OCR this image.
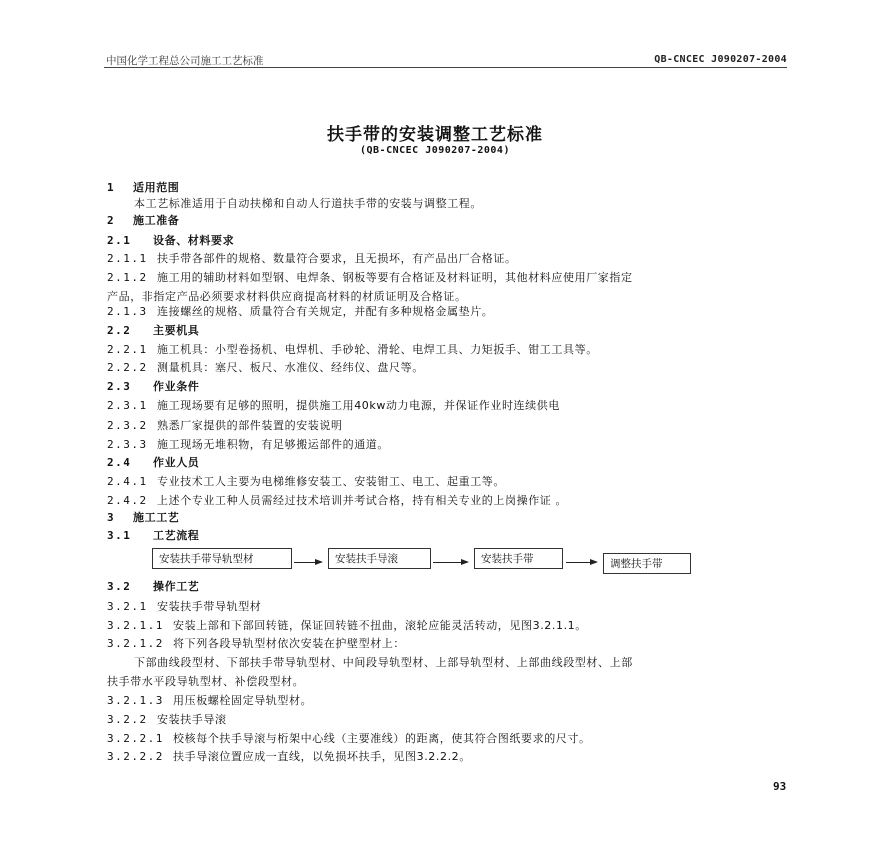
中国化学工程总公司施工工艺标准	QB-CNCEC J090207-2004
扶手带的安装调整工艺标准
(QB-CNCEC J090207-2004)
1 适用范围
本工艺标准适用于自动扶梯和自动人行道扶手带的安装与调整工程。
2 施工准备
2.1 设备、材料要求
2.1.1 扶手带各部件的规格、数量符合要求，且无损坏，有产品出厂合格证。
2.1.2 施工用的辅助材料如型钢、电焊条、钢板等要有合格证及材料证明，其他材料应使用厂家指定
产品，非指定产品必须要求材料供应商提高材料的材质证明及合格证。
2.1.3 连接螺丝的规格、质量符合有关规定，并配有多种规格金属垫片。
2.2 主要机具
2.2.1 施工机具：小型卷扬机、电焊机、手砂轮、滑轮、电焊工具、力矩扳手、钳工工具等。
2.2.2 测量机具：塞尺、板尺、水准仪、经纬仪、盘尺等。
2.3 作业条件
2.3.1 施工现场要有足够的照明，提供施工用40kw动力电源，并保证作业时连续供电
2.3.2 熟悉厂家提供的部件装置的安装说明
2.3.3 施工现场无堆积物，有足够搬运部件的通道。
2.4 作业人员
2.4.1 专业技术工人主要为电梯维修安装工、安装钳工、电工、起重工等。
2.4.2 上述个专业工种人员需经过技术培训并考试合格，持有相关专业的上岗操作证 。
3 施工工艺
3.1 工艺流程
3.2 操作工艺
3.2.1 安装扶手带导轨型材
3.2.1.1 安装上部和下部回转链，保证回转链不扭曲，滚轮应能灵活转动，见图3.2.1.1。
3.2.1.2 将下列各段导轨型材依次安装在护壁型材上：
下部曲线段型材、下部扶手带导轨型材、中间段导轨型材、上部导轨型材、上部曲线段型材、上部
扶手带水平段导轨型材、补偿段型材。
3.2.1.3 用压板螺栓固定导轨型材。
3.2.2 安装扶手导滚
3.2.2.1 校核每个扶手导滚与桁架中心线（主要准线）的距离，使其符合图纸要求的尺寸。
3.2.2.2 扶手导滚位置应成一直线，以免损坏扶手，见图3.2.2.2。
安装扶手带导轨型材	安装扶手导滚	安装扶手带	调整扶手带
93
